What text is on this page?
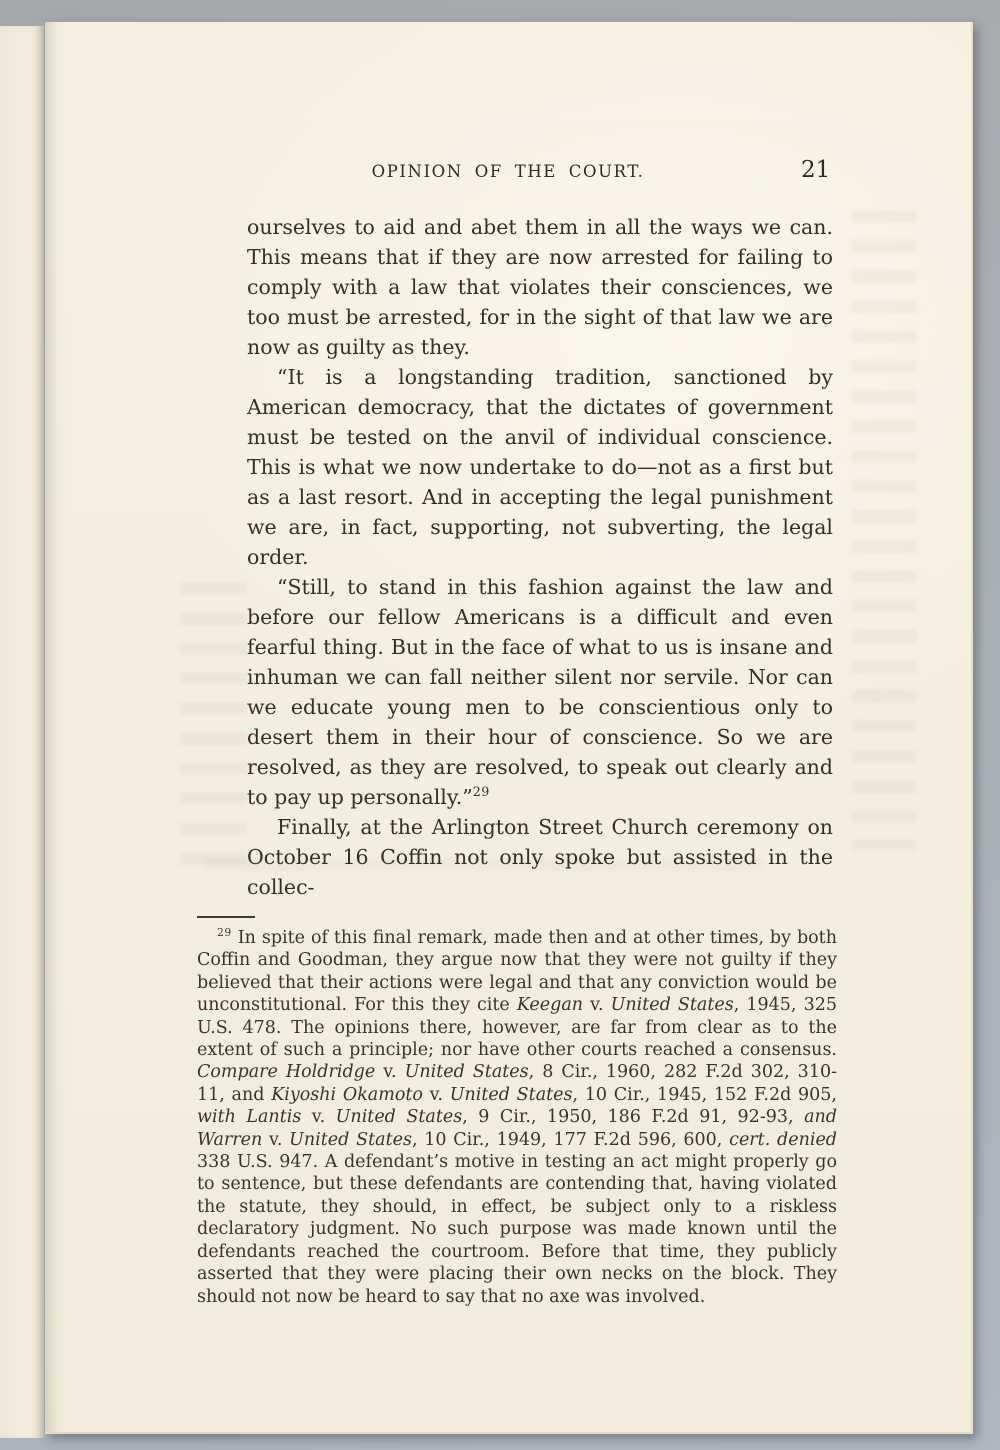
OPINION OF THE COURT.	21

ourselves to aid and abet them in all the ways we can. This means that if they are now arrested for failing to comply with a law that violates their consciences, we too must be arrested, for in the sight of that law we are now as guilty as they.

“It is a longstanding tradition, sanctioned by American democracy, that the dictates of government must be tested on the anvil of individual conscience. This is what we now undertake to do—not as a first but as a last resort. And in accepting the legal punishment we are, in fact, supporting, not subverting, the legal order.

“Still, to stand in this fashion against the law and before our fellow Americans is a difficult and even fearful thing. But in the face of what to us is insane and inhuman we can fall neither silent nor servile. Nor can we educate young men to be conscientious only to desert them in their hour of conscience. So we are resolved, as they are resolved, to speak out clearly and to pay up personally.”$^{29}$

Finally, at the Arlington Street Church ceremony on October 16 Coffin not only spoke but assisted in the collec-

$^{29}$ In spite of this final remark, made then and at other times, by both Coffin and Goodman, they argue now that they were not guilty if they believed that their actions were legal and that any conviction would be unconstitutional. For this they cite Keegan v. United States, 1945, 325 U.S. 478. The opinions there, however, are far from clear as to the extent of such a principle; nor have other courts reached a consensus. Compare Holdridge v. United States, 8 Cir., 1960, 282 F.2d 302, 310-11, and Kiyoshi Okamoto v. United States, 10 Cir., 1945, 152 F.2d 905, with Lantis v. United States, 9 Cir., 1950, 186 F.2d 91, 92-93, and Warren v. United States, 10 Cir., 1949, 177 F.2d 596, 600, cert. denied 338 U.S. 947. A defendant’s motive in testing an act might properly go to sentence, but these defendants are contending that, having violated the statute, they should, in effect, be subject only to a riskless declaratory judgment. No such purpose was made known until the defendants reached the courtroom. Before that time, they publicly asserted that they were placing their own necks on the block. They should not now be heard to say that no axe was involved.
